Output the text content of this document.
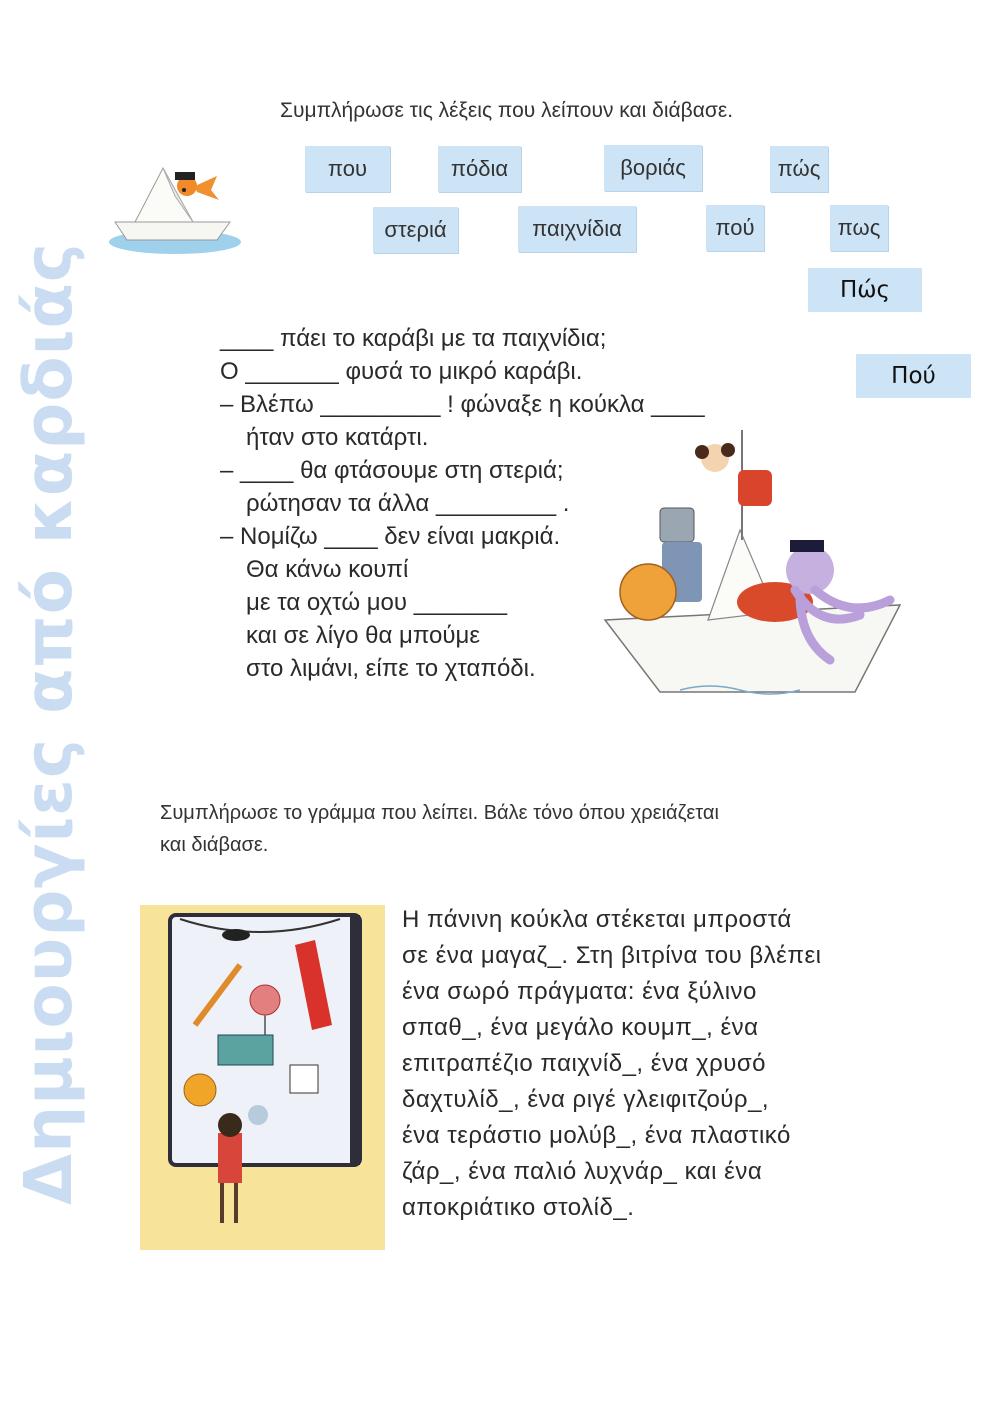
Δημιουργίες από καρδιάς
Συμπλήρωσε τις λέξεις που λείπουν και διάβασε.
που	πόδια	βοριάς	πώς
στεριά	παιχνίδια	πού	πως
Πώς
Πού
____ πάει το καράβι με τα παιχνίδια;
Ο _______ φυσά το μικρό καράβι.
– Βλέπω _________ ! φώναξε η κούκλα ____
ήταν στο κατάρτι.
– ____ θα φτάσουμε στη στεριά;
ρώτησαν τα άλλα _________ .
– Νομίζω ____ δεν είναι μακριά.
Θα κάνω κουπί
με τα οχτώ μου _______
και σε λίγο θα μπούμε
στο λιμάνι, είπε το χταπόδι.
Συμπλήρωσε το γράμμα που λείπει. Βάλε τόνο όπου χρειάζεται
και διάβασε.
Η πάνινη κούκλα στέκεται μπροστά
σε ένα μαγαζ_. Στη βιτρίνα του βλέπει
ένα σωρό πράγματα: ένα ξύλινο
σπαθ_, ένα μεγάλο κουμπ_, ένα
επιτραπέζιο παιχνίδ_, ένα χρυσό
δαχτυλίδ_, ένα ριγέ γλειφιτζούρ_,
ένα τεράστιο μολύβ_, ένα πλαστικό
ζάρ_, ένα παλιό λυχνάρ_ και ένα
αποκριάτικο στολίδ_.
